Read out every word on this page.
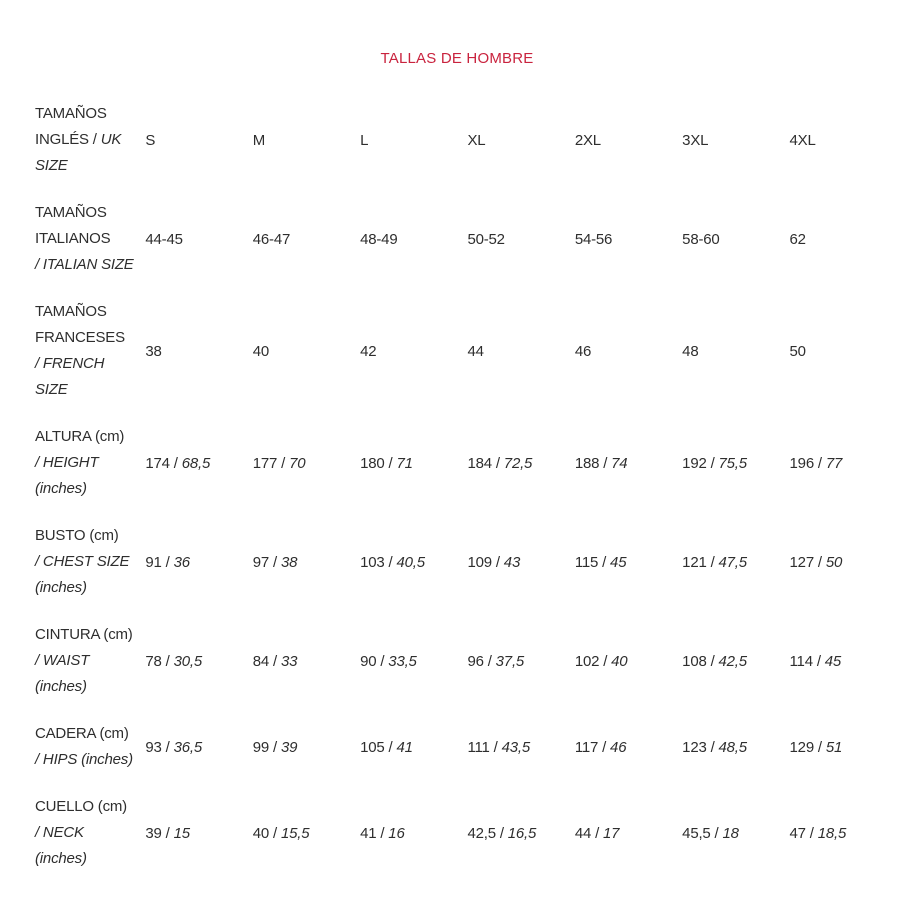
TALLAS DE HOMBRE
TAMAÑOS
INGLÉS / UK
SIZE	S	M	L	XL	2XL	3XL	4XL

TAMAÑOS
ITALIANOS
/ ITALIAN SIZE	44-45	46-47	48-49	50-52	54-56	58-60	62

TAMAÑOS
FRANCESES
/ FRENCH
SIZE	38	40	42	44	46	48	50

ALTURA (cm)
/ HEIGHT
(inches)	174 / 68,5	177 / 70	180 / 71	184 / 72,5	188 / 74	192 / 75,5	196 / 77

BUSTO (cm)
/ CHEST SIZE
(inches)	91 / 36	97 / 38	103 / 40,5	109 / 43	115 / 45	121 / 47,5	127 / 50

CINTURA (cm)
/ WAIST
(inches)	78 / 30,5	84 / 33	90 / 33,5	96 / 37,5	102 / 40	108 / 42,5	114 / 45

CADERA (cm)
/ HIPS (inches)	93 / 36,5	99 / 39	105 / 41	111 / 43,5	117 / 46	123 / 48,5	129 / 51

CUELLO (cm)
/ NECK
(inches)	39 / 15	40 / 15,5	41 / 16	42,5 / 16,5	44 / 17	45,5 / 18	47 / 18,5
